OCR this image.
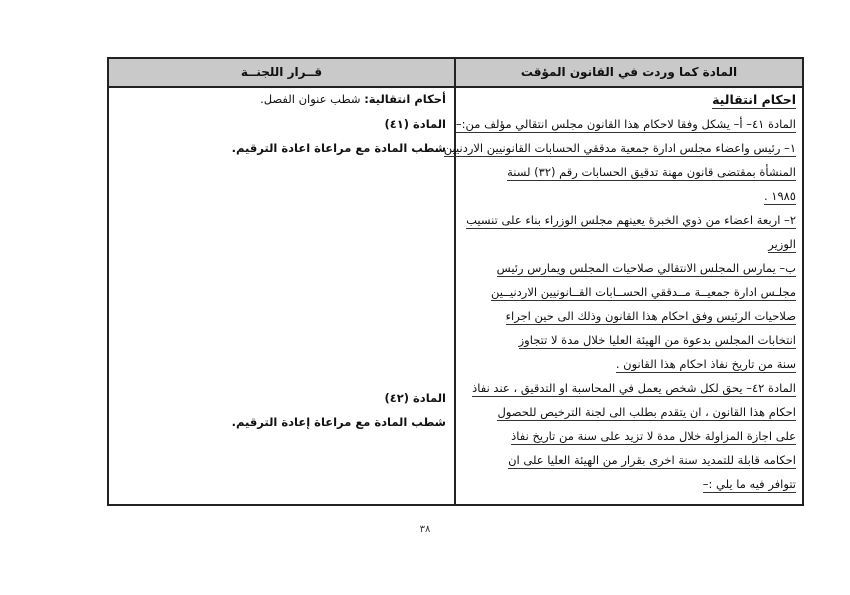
قــرار اللجنــة	المادة كما وردت في القانون المؤقت
احكام انتقالية
المادة ٤١– أ– يشكل وفقا لاحكام هذا القانون مجلس انتقالي مؤلف من:–
١– رئيس واعضاء مجلس ادارة جمعية مدققي الحسابات القانونيين الاردنيين
المنشأة بمقتضى قانون مهنة تدقيق الحسابات رقم (٣٢) لسنة
١٩٨٥ .
٢– اربعة اعضاء من ذوي الخبرة يعينهم مجلس الوزراء بناء على تنسيب
الوزير
ب– يمارس المجلس الانتقالي صلاحيات المجلس ويمارس رئيس
مجلـس ادارة جمعيــة مــدققي الحســابات القــانونيين الاردنيــين
صلاحيات الرئيس وفق احكام هذا القانون وذلك الى حين اجراء
انتخابات المجلس بدعوة من الهيئة العليا خلال مدة لا تتجاوز
سنة من تاريخ نفاذ احكام هذا القانون .
المادة ٤٢– يحق لكل شخص يعمل في المحاسبة او التدقيق ، عند نفاذ
احكام هذا القانون ، ان يتقدم بطلب الى لجنة الترخيص للحصول
على اجازة المزاولة خلال مدة لا تزيد على سنة من تاريخ نفاذ
احكامه قابلة للتمديد سنة اخرى بقرار من الهيئة العليا على ان
تتوافر فيه ما يلي :–
أحكام انتقالية: شطب عنوان الفصل.
المادة (٤١)
شطب المادة مع مراعاة اعادة الترقيم.
المادة (٤٢)
شطب المادة مع مراعاة إعادة الترقيم.
٣٨
